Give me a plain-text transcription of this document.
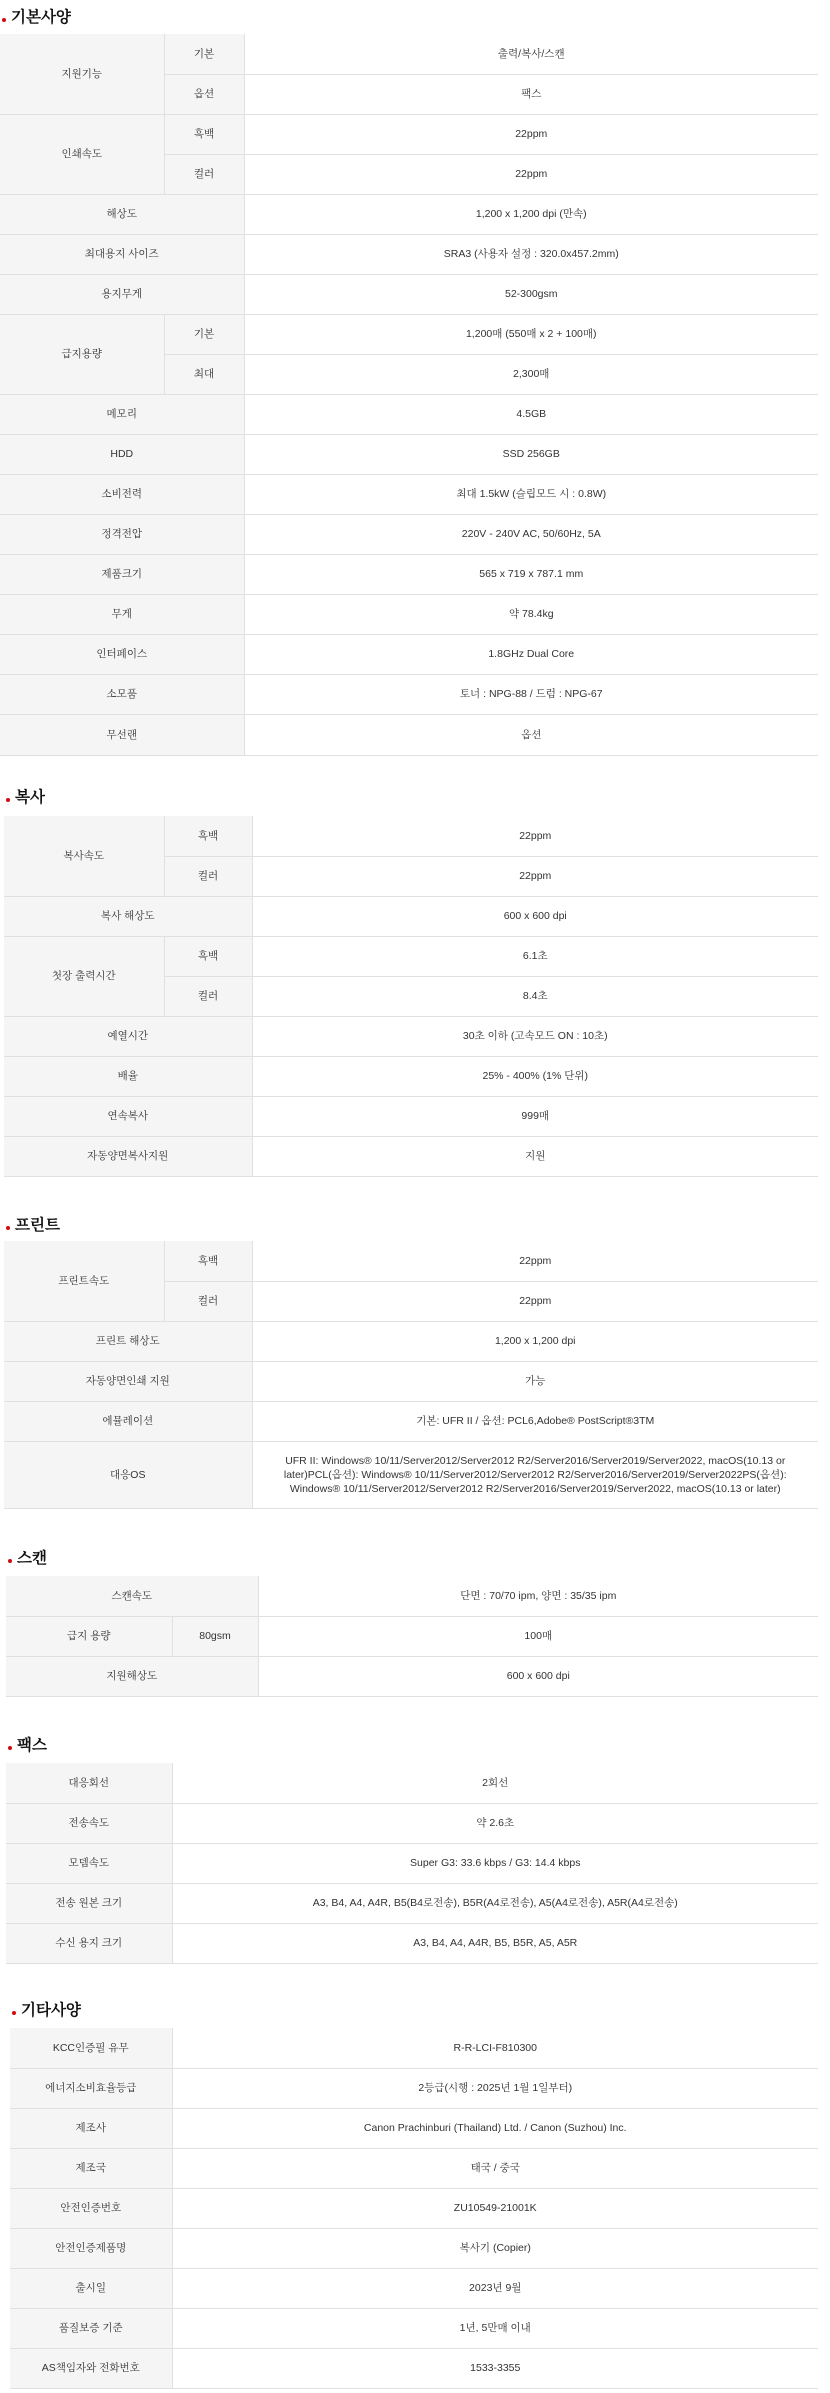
기본사양
지원기능	기본	출력/복사/스캔
	옵션	팩스
인쇄속도	흑백	22ppm
	컬러	22ppm
해상도		1,200 x 1,200 dpi (만속)
최대용지 사이즈		SRA3 (사용자 설정 : 320.0x457.2mm)
용지무게		52-300gsm
급지용량	기본	1,200매 (550매 x 2 + 100매)
	최대	2,300매
메모리		4.5GB
HDD		SSD 256GB
소비전력		최대 1.5kW (슬립모드 시 : 0.8W)
정격전압		220V - 240V AC, 50/60Hz, 5A
제품크기		565 x 719 x 787.1 mm
무게		약 78.4kg
인터페이스		1.8GHz Dual Core
소모품		토너 : NPG-88 / 드럼 : NPG-67
무선랜		옵션
복사
복사속도	흑백	22ppm
	컬러	22ppm
복사 해상도		600 x 600 dpi
첫장 출력시간	흑백	6.1초
	컬러	8.4초
예열시간		30초 이하 (고속모드 ON : 10초)
배율		25% - 400% (1% 단위)
연속복사		999매
자동양면복사지원		지원
프린트
프린트속도	흑백	22ppm
	컬러	22ppm
프린트 해상도		1,200 x 1,200 dpi
자동양면인쇄 지원		가능
에뮬레이션		기본: UFR II / 옵션: PCL6,Adobe® PostScript®3TM
대응OS		UFR II: Windows® 10/11/Server2012/Server2012 R2/Server2016/Server2019/Server2022, macOS(10.13 or later)PCL(옵션): Windows® 10/11/Server2012/Server2012 R2/Server2016/Server2019/Server2022PS(옵션): Windows® 10/11/Server2012/Server2012 R2/Server2016/Server2019/Server2022, macOS(10.13 or later)
스캔
스캔속도		단면 : 70/70 ipm, 양면 : 35/35 ipm
급지 용량	80gsm	100매
지원해상도		600 x 600 dpi
팩스
대응회선	2회선
전송속도	약 2.6초
모뎀속도	Super G3: 33.6 kbps / G3: 14.4 kbps
전송 원본 크기	A3, B4, A4, A4R, B5(B4로전송), B5R(A4로전송), A5(A4로전송), A5R(A4로전송)
수신 용지 크기	A3, B4, A4, A4R, B5, B5R, A5, A5R
기타사양
KCC인증필 유무	R-R-LCI-F810300
에너지소비효율등급	2등급(시행 : 2025년 1월 1일부터)
제조사	Canon Prachinburi (Thailand) Ltd. / Canon (Suzhou) Inc.
제조국	태국 / 중국
안전인증번호	ZU10549-21001K
안전인증제품명	복사기 (Copier)
출시일	2023년 9월
품질보증 기준	1년, 5만매 이내
AS책임자와 전화번호	1533-3355
